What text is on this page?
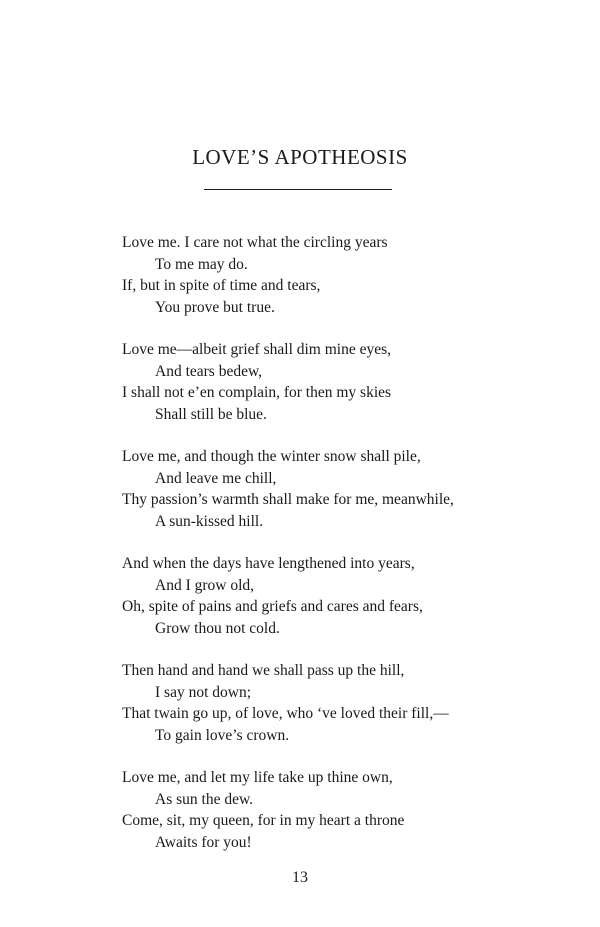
LOVE’S APOTHEOSIS
Love me. I care not what the circling years
To me may do.
If, but in spite of time and tears,
You prove but true.
Love me—albeit grief shall dim mine eyes,
And tears bedew,
I shall not e’en complain, for then my skies
Shall still be blue.
Love me, and though the winter snow shall pile,
And leave me chill,
Thy passion’s warmth shall make for me, meanwhile,
A sun-kissed hill.
And when the days have lengthened into years,
And I grow old,
Oh, spite of pains and griefs and cares and fears,
Grow thou not cold.
Then hand and hand we shall pass up the hill,
I say not down;
That twain go up, of love, who ‘ve loved their fill,—
To gain love’s crown.
Love me, and let my life take up thine own,
As sun the dew.
Come, sit, my queen, for in my heart a throne
Awaits for you!
13
